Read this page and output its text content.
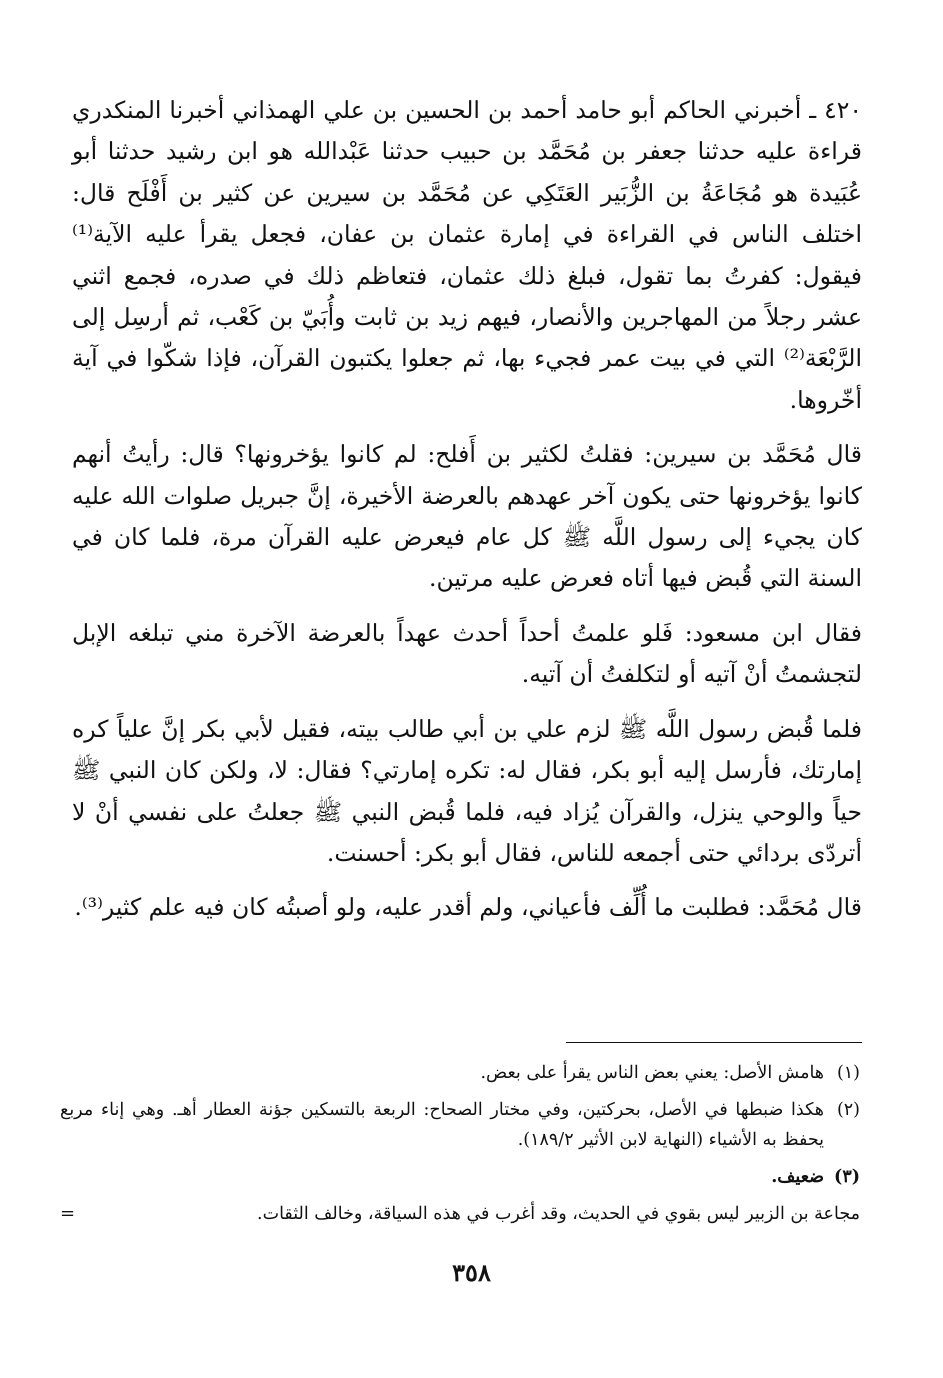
٤٢٠ ـ أخبرني الحاكم أبو حامد أحمد بن الحسين بن علي الهمذاني أخبرنا المنكدري قراءة عليه حدثنا جعفر بن مُحَمَّد بن حبيب حدثنا عَبْدالله هو ابن رشيد حدثنا أبو عُبَيدة هو مُجَاعَةُ بن الزُّبَير العَتَكِي عن مُحَمَّد بن سيرين عن كثير بن أَفْلَح قال: اختلف الناس في القراءة في إمارة عثمان بن عفان، فجعل يقرأ عليه الآية⁽¹⁾ فيقول: كفرتُ بما تقول، فبلغ ذلك عثمان، فتعاظم ذلك في صدره، فجمع اثني عشر رجلاً من المهاجرين والأنصار، فيهم زيد بن ثابت وأُبَيّ بن كَعْب، ثم أرسِل إلى الرَّبْعَة⁽²⁾ التي في بيت عمر فجيء بها، ثم جعلوا يكتبون القرآن، فإذا شكّوا في آية أخّروها.

قال مُحَمَّد بن سيرين: فقلتُ لكثير بن أَفلح: لم كانوا يؤخرونها؟ قال: رأيتُ أنهم كانوا يؤخرونها حتى يكون آخر عهدهم بالعرضة الأخيرة، إنَّ جبريل صلوات الله عليه كان يجيء إلى رسول اللَّه ﷺ كل عام فيعرض عليه القرآن مرة، فلما كان في السنة التي قُبض فيها أتاه فعرض عليه مرتين.

فقال ابن مسعود: فَلو علمتُ أحداً أحدث عهداً بالعرضة الآخرة مني تبلغه الإبل لتجشمتُ أنْ آتيه أو لتكلفتُ أن آتيه.

فلما قُبض رسول اللَّه ﷺ لزم علي بن أبي طالب بيته، فقيل لأبي بكر إنَّ علياً كره إمارتك، فأرسل إليه أبو بكر، فقال له: تكره إمارتي؟ فقال: لا، ولكن كان النبي ﷺ حياً والوحي ينزل، والقرآن يُزاد فيه، فلما قُبض النبي ﷺ جعلتُ على نفسي أنْ لا أتردّى بردائي حتى أجمعه للناس، فقال أبو بكر: أحسنت.

قال مُحَمَّد: فطلبت ما أُلِّف فأعياني، ولم أقدر عليه، ولو أصبتُه كان فيه علم كثير⁽³⁾.

(١)
هامش الأصل: يعني بعض الناس يقرأ على بعض.
(٢)
هكذا ضبطها في الأصل، بحركتين، وفي مختار الصحاح: الربعة بالتسكين جؤنة العطار أهـ. وهي إناء مربع يحفظ به الأشياء (النهاية لابن الأثير ١٨٩/٢).
(٣)
ضعيف.
مجاعة بن الزبير ليس بقوي في الحديث، وقد أغرب في هذه السياقة، وخالف الثقات.
=
٣٥٨
